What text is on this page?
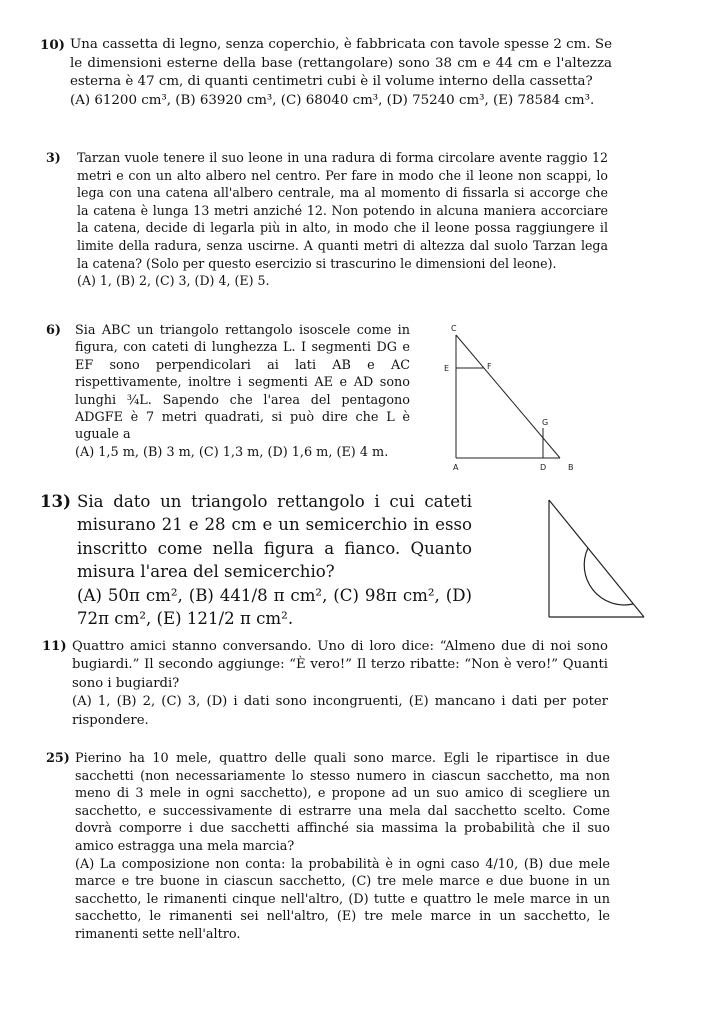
10) Una cassetta di legno, senza coperchio, è fabbricata con tavole spesse 2 cm. Se le dimensioni esterne della base (rettangolare) sono 38 cm e 44 cm e l'altezza esterna è 47 cm, di quanti centimetri cubi è il volume interno della cassetta?

(A) 61200 cm³, (B) 63920 cm³, (C) 68040 cm³, (D) 75240 cm³, (E) 78584 cm³.

3) Tarzan vuole tenere il suo leone in una radura di forma circolare avente raggio 12 metri e con un alto albero nel centro. Per fare in modo che il leone non scappi, lo lega con una catena all'albero centrale, ma al momento di fissarla si accorge che la catena è lunga 13 metri anziché 12. Non potendo in alcuna maniera accorciare la catena, decide di legarla più in alto, in modo che il leone possa raggiungere il limite della radura, senza uscirne. A quanti metri di altezza dal suolo Tarzan lega la catena? (Solo per questo esercizio si trascurino le dimensioni del leone).

(A) 1, (B) 2, (C) 3, (D) 4, (E) 5.

6) Sia ABC un triangolo rettangolo isoscele come in figura, con cateti di lunghezza L. I segmenti DG e EF sono perpendicolari ai lati AB e AC rispettivamente, inoltre i segmenti AE e AD sono lunghi ¾L. Sapendo che l'area del pentagono ADGFE è 7 metri quadrati, si può dire che L è uguale a

(A) 1,5 m, (B) 3 m, (C) 1,3 m, (D) 1,6 m, (E) 4 m.

C
E	F
G
A	D	B
13) Sia dato un triangolo rettangolo i cui cateti misurano 21 e 28 cm e un semicerchio in esso inscritto come nella figura a fianco. Quanto misura l'area del semicerchio?

(A) 50π cm², (B) 441/8 π cm², (C) 98π cm², (D) 72π cm², (E) 121/2 π cm².

11) Quattro amici stanno conversando. Uno di loro dice: “Almeno due di noi sono bugiardi.” Il secondo aggiunge: “È vero!” Il terzo ribatte: “Non è vero!” Quanti sono i bugiardi?

(A) 1, (B) 2, (C) 3, (D) i dati sono incongruenti, (E) mancano i dati per poter rispondere.

25) Pierino ha 10 mele, quattro delle quali sono marce. Egli le ripartisce in due sacchetti (non necessariamente lo stesso numero in ciascun sacchetto, ma non meno di 3 mele in ogni sacchetto), e propone ad un suo amico di scegliere un sacchetto, e successivamente di estrarre una mela dal sacchetto scelto. Come dovrà comporre i due sacchetti affinché sia massima la probabilità che il suo amico estragga una mela marcia?

(A) La composizione non conta: la probabilità è in ogni caso 4/10, (B) due mele marce e tre buone in ciascun sacchetto, (C) tre mele marce e due buone in un sacchetto, le rimanenti cinque nell'altro, (D) tutte e quattro le mele marce in un sacchetto, le rimanenti sei nell'altro, (E) tre mele marce in un sacchetto, le rimanenti sette nell'altro.
